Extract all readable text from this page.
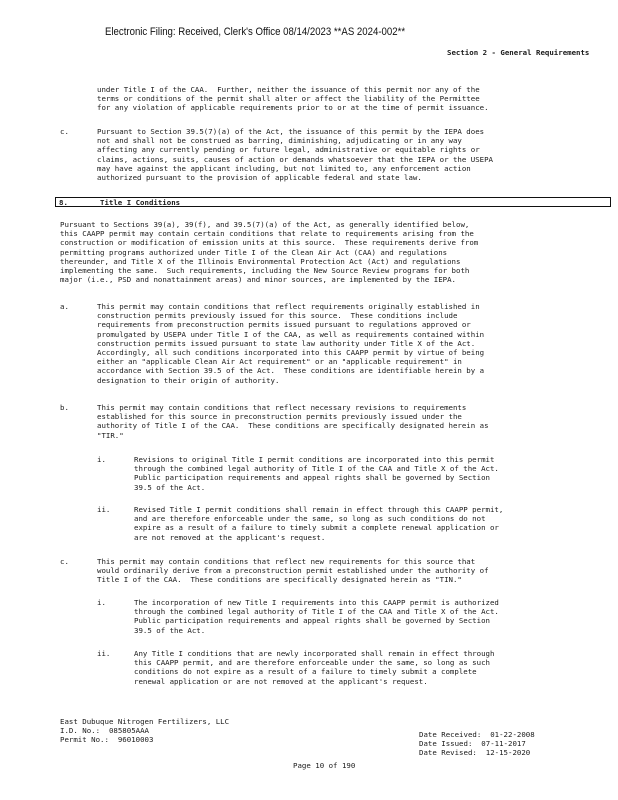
Electronic Filing: Received, Clerk's Office 08/14/2023 **AS 2024-002**
Section 2 - General Requirements
under Title I of the CAA.  Further, neither the issuance of this permit nor any of the
terms or conditions of the permit shall alter or affect the liability of the Permittee
for any violation of applicable requirements prior to or at the time of permit issuance.
c.	Pursuant to Section 39.5(7)(a) of the Act, the issuance of this permit by the IEPA does
not and shall not be construed as barring, diminishing, adjudicating or in any way
affecting any currently pending or future legal, administrative or equitable rights or
claims, actions, suits, causes of action or demands whatsoever that the IEPA or the USEPA
may have against the applicant including, but not limited to, any enforcement action
authorized pursuant to the provision of applicable federal and state law.
8.	Title I Conditions
Pursuant to Sections 39(a), 39(f), and 39.5(7)(a) of the Act, as generally identified below,
this CAAPP permit may contain certain conditions that relate to requirements arising from the
construction or modification of emission units at this source.  These requirements derive from
permitting programs authorized under Title I of the Clean Air Act (CAA) and regulations
thereunder, and Title X of the Illinois Environmental Protection Act (Act) and regulations
implementing the same.  Such requirements, including the New Source Review programs for both
major (i.e., PSD and nonattainment areas) and minor sources, are implemented by the IEPA.
a.	This permit may contain conditions that reflect requirements originally established in
construction permits previously issued for this source.  These conditions include
requirements from preconstruction permits issued pursuant to regulations approved or
promulgated by USEPA under Title I of the CAA, as well as requirements contained within
construction permits issued pursuant to state law authority under Title X of the Act.
Accordingly, all such conditions incorporated into this CAAPP permit by virtue of being
either an "applicable Clean Air Act requirement" or an "applicable requirement" in
accordance with Section 39.5 of the Act.  These conditions are identifiable herein by a
designation to their origin of authority.
b.	This permit may contain conditions that reflect necessary revisions to requirements
established for this source in preconstruction permits previously issued under the
authority of Title I of the CAA.  These conditions are specifically designated herein as
"TIR."
i.	Revisions to original Title I permit conditions are incorporated into this permit
through the combined legal authority of Title I of the CAA and Title X of the Act.
Public participation requirements and appeal rights shall be governed by Section
39.5 of the Act.
ii.	Revised Title I permit conditions shall remain in effect through this CAAPP permit,
and are therefore enforceable under the same, so long as such conditions do not
expire as a result of a failure to timely submit a complete renewal application or
are not removed at the applicant's request.
c.	This permit may contain conditions that reflect new requirements for this source that
would ordinarily derive from a preconstruction permit established under the authority of
Title I of the CAA.  These conditions are specifically designated herein as "TIN."
i.	The incorporation of new Title I requirements into this CAAPP permit is authorized
through the combined legal authority of Title I of the CAA and Title X of the Act.
Public participation requirements and appeal rights shall be governed by Section
39.5 of the Act.
ii.	Any Title I conditions that are newly incorporated shall remain in effect through
this CAAPP permit, and are therefore enforceable under the same, so long as such
conditions do not expire as a result of a failure to timely submit a complete
renewal application or are not removed at the applicant's request.
East Dubuque Nitrogen Fertilizers, LLC
I.D. No.:  085805AAA
Permit No.:  96010003
Date Received:  01-22-2008
Date Issued:  07-11-2017
Date Revised:  12-15-2020
Page 10 of 190
